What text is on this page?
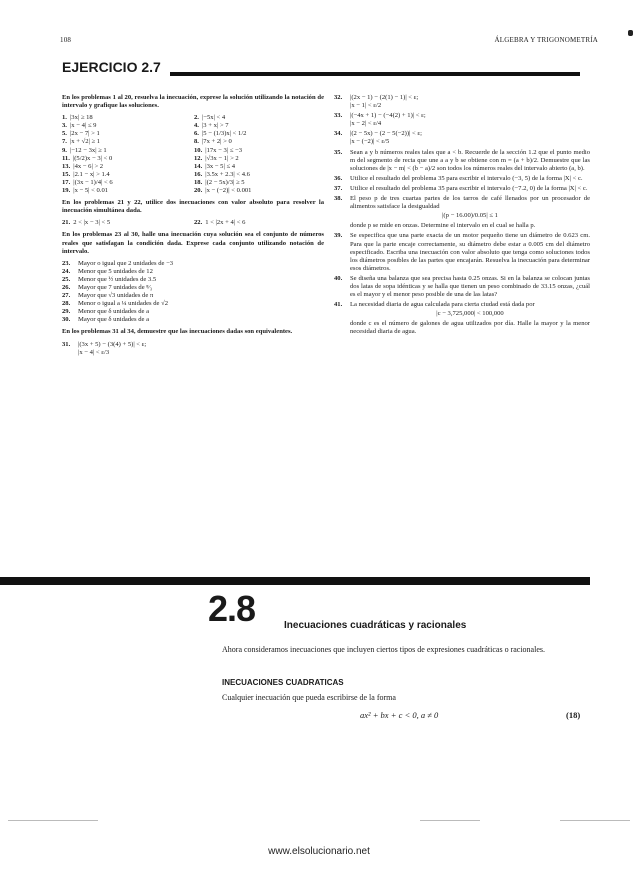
108	ÁLGEBRA Y TRIGONOMETRÍA
EJERCICIO 2.7

En los problemas 1 al 20, resuelva la inecuación, exprese la solución utilizando la notación de intervalo y grafique las soluciones.

1. |3x| ≥ 18	2. |−5x| < 4
3. |x − 4| ≤ 9	4. |3 + x| > 7
5. |2x − 7| > 1	6. |5 − (1/3)x| < 1/2
7. |x + √2| ≥ 1	8. |7x + 2| > 0
9. |−12 − 3x| ≥ 1	10. |17x − 3| ≤ −3
11. |(5/2)x − 3| < 0	12. |√3x − 1| > 2
13. |4x − 6| > 2	14. |3x − 5| ≤ 4
15. |2.1 − x| > 1.4	16. |3.5x + 2.3| < 4.6
17. |(3x − 1)/4| < 6	18. |(2 − 5x)/3| ≥ 5
19. |x − 5| < 0.01	20. |x − (−2)| < 0.001

En los problemas 21 y 22, utilice dos inecuaciones con valor absoluto para resolver la inecuación simultánea dada.

21. 2 < |x − 3| < 5	22. 1 < |2x + 4| < 6

En los problemas 23 al 30, halle una inecuación cuya solución sea el conjunto de números reales que satisfagan la condición dada. Exprese cada conjunto utilizando notación de intervalo.

23.	Mayor o igual que 2 unidades de −3
24.	Menor que 5 unidades de 12
25.	Menor que ½ unidades de 3.5
26.	Mayor que 7 unidades de ⁸⁄₃
27.	Mayor que √3 unidades de π
28.	Menor o igual a ¼ unidades de √2
29.	Menor que δ unidades de a
30.	Mayor que δ unidades de a

En los problemas 31 al 34, demuestre que las inecuaciones dadas son equivalentes.

31.	|(3x + 5) − (3(4) + 5)| < ε;
|x − 4| < ε/3
32.	|(2x − 1) − (2(1) − 1)| < ε;
|x − 1| < ε/2
33.	|(−4x + 1) − (−4(2) + 1)| < ε;
|x − 2| < ε/4
34.	|(2 − 5x) − (2 − 5(−2))| < ε;
|x − (−2)| < ε/5
35.	Sean a y b números reales tales que a < b. Recuerde de la sección 1.2 que el punto medio m del segmento de recta que une a a y b se obtiene con m = (a + b)/2. Demuestre que las soluciones de |x − m| < (b − a)/2 son todos los números reales del intervalo abierto (a, b).
36.	Utilice el resultado del problema 35 para escribir el intervalo (−3, 5) de la forma |X| < c.
37.	Utilice el resultado del problema 35 para escribir el intervalo (−7.2, 0) de la forma |X| < c.
38.	El peso p de tres cuartas partes de los tarros de café llenados por un procesador de alimentos satisface la desigualdad
|(p − 16.00)/0.05| ≤ 1
donde p se mide en onzas. Determine el intervalo en el cual se halla p.
39.	Se especifica que una parte exacta de un motor pequeño tiene un diámetro de 0.623 cm. Para que la parte encaje correctamente, su diámetro debe estar a 0.005 cm del diámetro especificado. Escriba una inecuación con valor absoluto que tenga como soluciones todos los diámetros posibles de las partes que encajarán. Resuelva la inecuación para determinar esos diámetros.
40.	Se diseña una balanza que sea precisa hasta 0.25 onzas. Si en la balanza se colocan juntas dos latas de sopa idénticas y se halla que tienen un peso combinado de 33.15 onzas, ¿cuál es el mayor y el menor peso posible de una de las latas?
41.	La necesidad diaria de agua calculada para cierta ciudad está dada por
|c − 3,725,000| < 100,000
donde c es el número de galones de agua utilizados por día. Halle la mayor y la menor necesidad diaria de agua.
2.8	Inecuaciones cuadráticas y racionales
Ahora consideramos inecuaciones que incluyen ciertos tipos de expresiones cuadráticas o racionales.
INECUACIONES CUADRATICAS
Cualquier inecuación que pueda escribirse de la forma
ax² + bx + c < 0, a ≠ 0	(18)
www.elsolucionario.net
